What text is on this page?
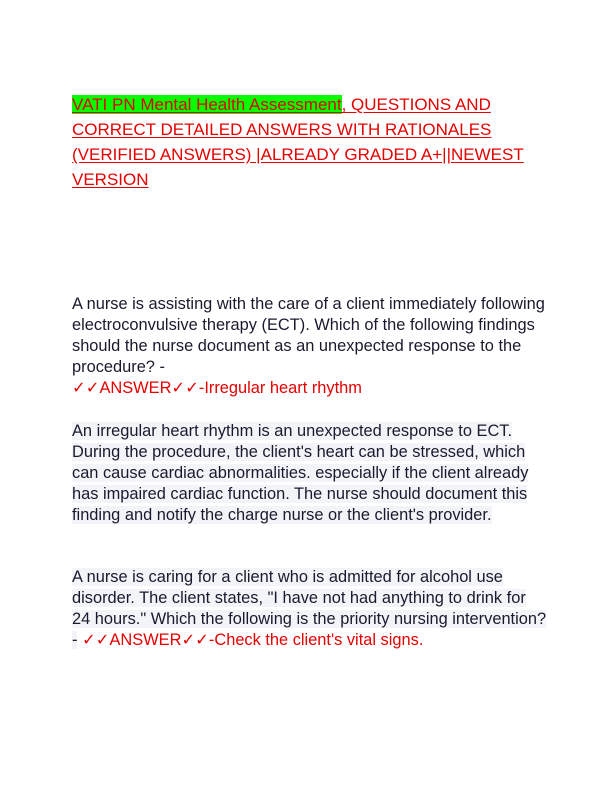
VATI PN Mental Health Assessment, QUESTIONS AND CORRECT DETAILED ANSWERS WITH RATIONALES (VERIFIED ANSWERS) |ALREADY GRADED A+||NEWEST VERSION
A nurse is assisting with the care of a client immediately following electroconvulsive therapy (ECT). Which of the following findings should the nurse document as an unexpected response to the procedure? -
✓✓ANSWER✓✓-Irregular heart rhythm
An irregular heart rhythm is an unexpected response to ECT. During the procedure, the client's heart can be stressed, which can cause cardiac abnormalities. especially if the client already has impaired cardiac function. The nurse should document this finding and notify the charge nurse or the client's provider.
A nurse is caring for a client who is admitted for alcohol use disorder. The client states, "I have not had anything to drink for 24 hours." Which the following is the priority nursing intervention? - ✓✓ANSWER✓✓-Check the client's vital signs.
